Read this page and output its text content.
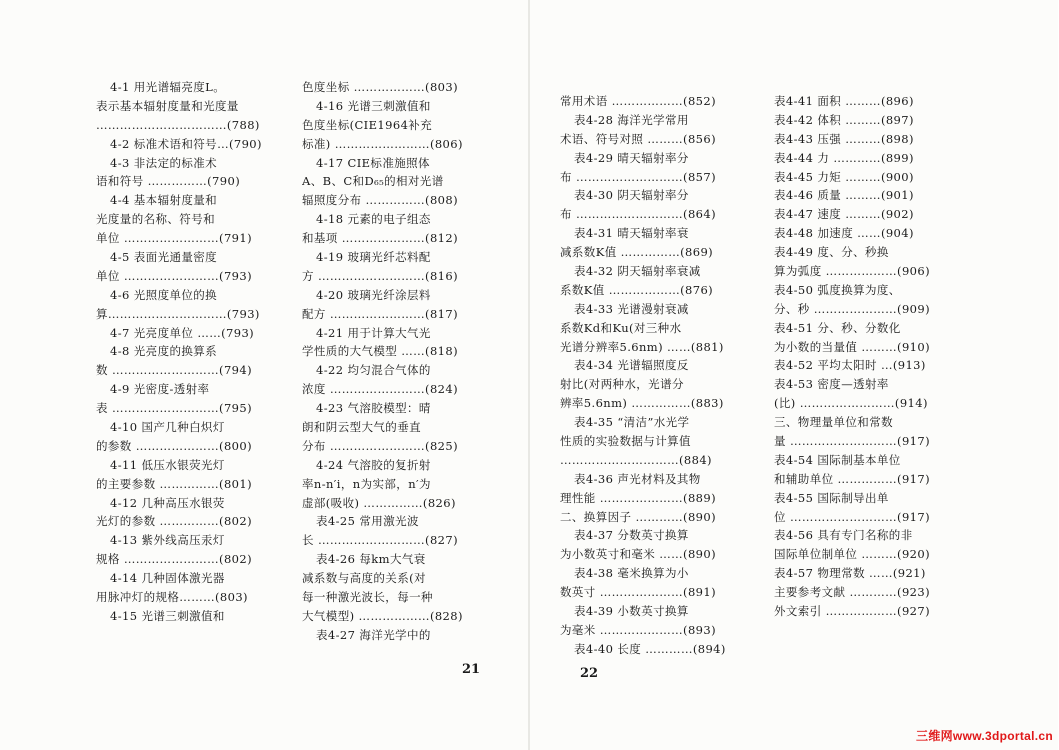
4-1 用光谱辐亮度L。
表示基本辐射度量和光度量
……………………………(788)
4-2 标准术语和符号…(790)
4-3 非法定的标准术
语和符号 ……………(790)
4-4 基本辐射度量和
光度量的名称、符号和
单位 ……………………(791)
4-5 表面光通量密度
单位 ……………………(793)
4-6 光照度单位的换
算…………………………(793)
4-7 光亮度单位 ……(793)
4-8 光亮度的换算系
数 ………………………(794)
4-9 光密度-透射率
表 ………………………(795)
4-10 国产几种白炽灯
的参数 …………………(800)
4-11 低压水银荧光灯
的主要参数 ……………(801)
4-12 几种高压水银荧
光灯的参数 ……………(802)
4-13 紫外线高压汞灯
规格 ……………………(802)
4-14 几种固体激光器
用脉冲灯的规格………(803)
4-15 光谱三刺激值和
色度坐标 ………………(803)
4-16 光谱三刺激值和
色度坐标(CIE1964补充
标准) ……………………(806)
4-17 CIE标准施照体
A、B、C和D₆₅的相对光谱
辐照度分布 ……………(808)
4-18 元素的电子组态
和基项 …………………(812)
4-19 玻璃光纤芯料配
方 ………………………(816)
4-20 玻璃光纤涂层料
配方 ……………………(817)
4-21 用于计算大气光
学性质的大气模型 ……(818)
4-22 均匀混合气体的
浓度 ……………………(824)
4-23 气溶胶模型：晴
朗和阴云型大气的垂直
分布 ……………………(825)
4-24 气溶胶的复折射
率n-n′i，n为实部，n′为
虚部(吸收) ……………(826)
表4-25 常用激光波
长 ………………………(827)
表4-26 每km大气衰
减系数与高度的关系(对
每一种激光波长，每一种
大气模型) ………………(828)
表4-27 海洋光学中的
21
常用术语 ………………(852)
表4-28 海洋光学常用
术语、符号对照 ………(856)
表4-29 晴天辐射率分
布 ………………………(857)
表4-30 阴天辐射率分
布 ………………………(864)
表4-31 晴天辐射率衰
减系数K值 ……………(869)
表4-32 阴天辐射率衰减
系数K值 ………………(876)
表4-33 光谱漫射衰减
系数Kd和Ku(对三种水
光谱分辨率5.6nm) ……(881)
表4-34 光谱辐照度反
射比(对两种水，光谱分
辨率5.6nm) ……………(883)
表4-35 “清洁”水光学
性质的实验数据与计算值
…………………………(884)
表4-36 声光材料及其物
理性能 …………………(889)
二、换算因子 …………(890)
表4-37 分数英寸换算
为小数英寸和毫米 ……(890)
表4-38 毫米换算为小
数英寸 …………………(891)
表4-39 小数英寸换算
为毫米 …………………(893)
表4-40 长度 …………(894)
表4-41 面积 ………(896)
表4-42 体积 ………(897)
表4-43 压强 ………(898)
表4-44 力 …………(899)
表4-45 力矩 ………(900)
表4-46 质量 ………(901)
表4-47 速度 ………(902)
表4-48 加速度 ……(904)
表4-49 度、分、秒换
算为弧度 ………………(906)
表4-50 弧度换算为度、
分、秒 …………………(909)
表4-51 分、秒、分数化
为小数的当量值 ………(910)
表4-52 平均太阳时 …(913)
表4-53 密度—透射率
(比) ……………………(914)
三、物理量单位和常数
量 ………………………(917)
表4-54 国际制基本单位
和辅助单位 ……………(917)
表4-55 国际制导出单
位 ………………………(917)
表4-56 具有专门名称的非
国际单位制单位 ………(920)
表4-57 物理常数 ……(921)
主要参考文献 …………(923)
外文索引 ………………(927)
22
三维网www.3dportal.cn
